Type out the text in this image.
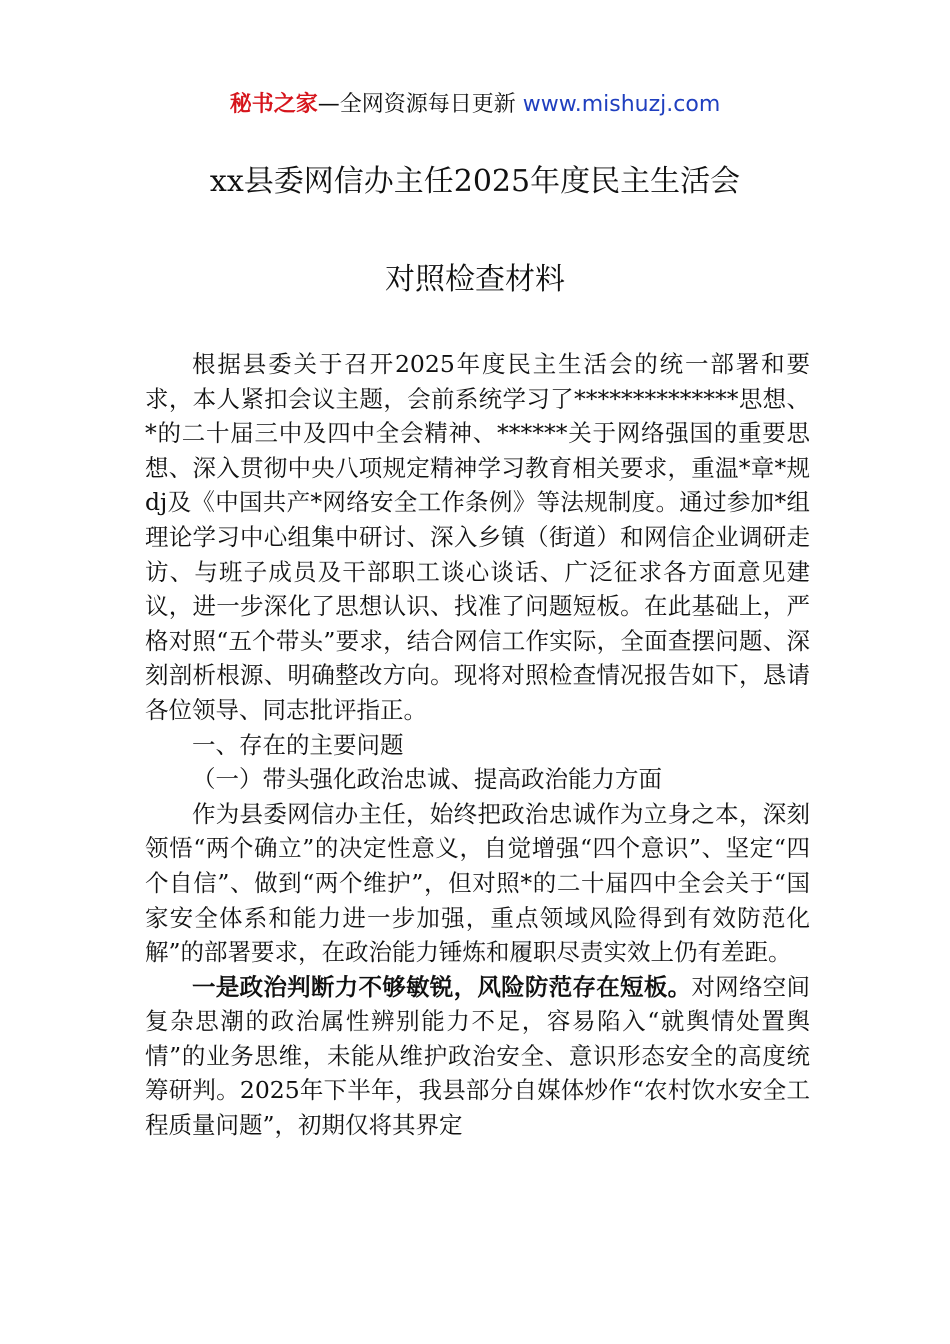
秘书之家—全网资源每日更新 www.mishuzj.com
xx县委网信办主任2025年度民主生活会
对照检查材料

根据县委关于召开2025年度民主生活会的统一部署和要求，本人紧扣会议主题，会前系统学习了**************思想、*的二十届三中及四中全会精神、******关于网络强国的重要思想、深入贯彻中央八项规定精神学习教育相关要求，重温*章*规dj及《中国共产*网络安全工作条例》等法规制度。通过参加*组理论学习中心组集中研讨、深入乡镇（街道）和网信企业调研走访、与班子成员及干部职工谈心谈话、广泛征求各方面意见建议，进一步深化了思想认识、找准了问题短板。在此基础上，严格对照“五个带头”要求，结合网信工作实际，全面查摆问题、深刻剖析根源、明确整改方向。现将对照检查情况报告如下，恳请各位领导、同志批评指正。

一、存在的主要问题

（一）带头强化政治忠诚、提高政治能力方面

作为县委网信办主任，始终把政治忠诚作为立身之本，深刻领悟“两个确立”的决定性意义，自觉增强“四个意识”、坚定“四个自信”、做到“两个维护”，但对照*的二十届四中全会关于“国家安全体系和能力进一步加强，重点领域风险得到有效防范化解”的部署要求，在政治能力锤炼和履职尽责实效上仍有差距。

一是政治判断力不够敏锐，风险防范存在短板。对网络空间复杂思潮的政治属性辨别能力不足，容易陷入“就舆情处置舆情”的业务思维，未能从维护政治安全、意识形态安全的高度统筹研判。2025年下半年，我县部分自媒体炒作“农村饮水安全工程质量问题”，初期仅将其界定
